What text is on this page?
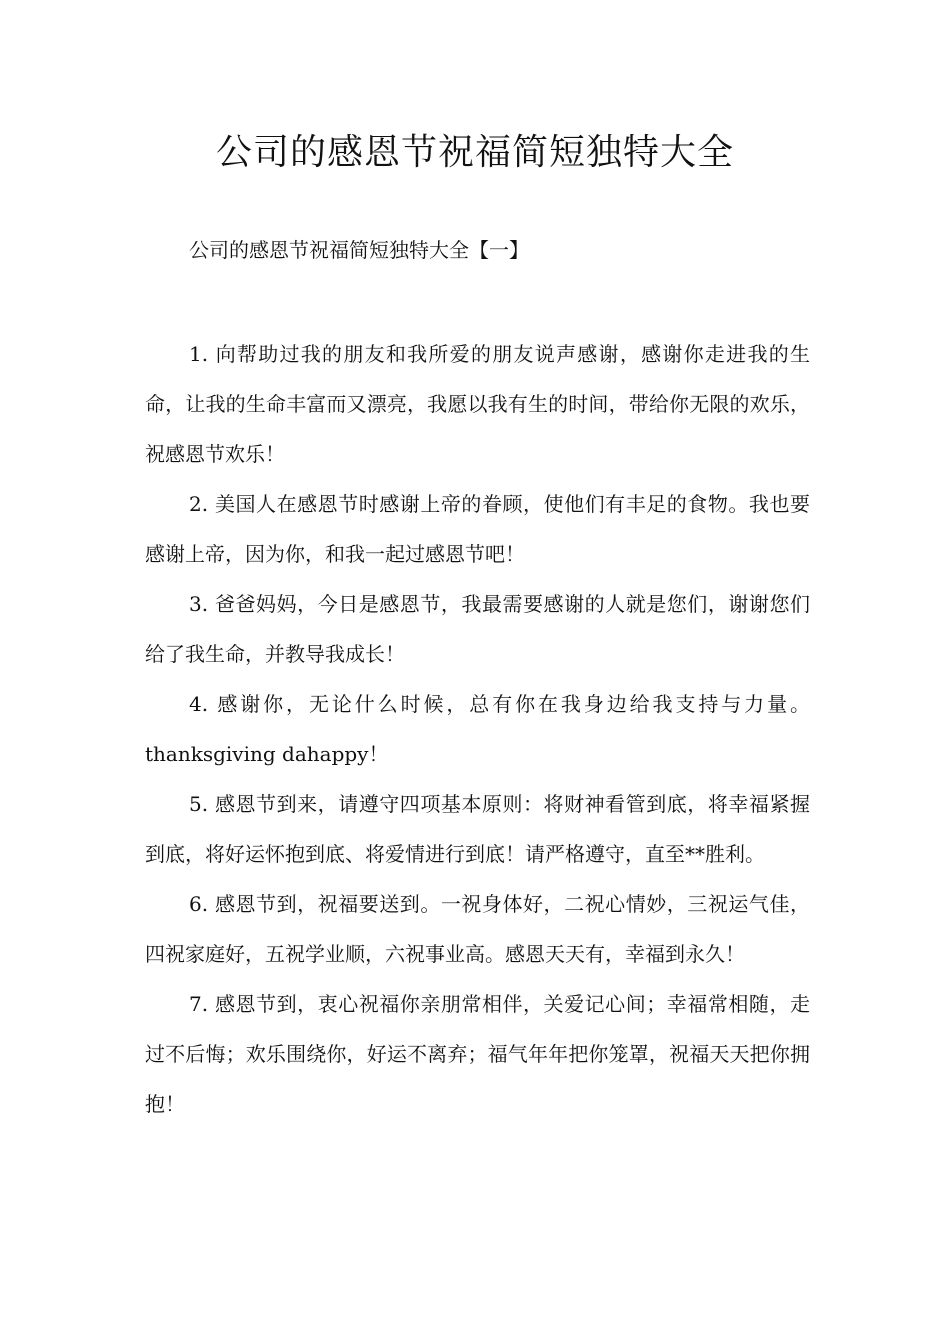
公司的感恩节祝福简短独特大全

公司的感恩节祝福简短独特大全【一】

1. 向帮助过我的朋友和我所爱的朋友说声感谢，感谢你走进我的生命，让我的生命丰富而又漂亮，我愿以我有生的时间，带给你无限的欢乐，祝感恩节欢乐！

2. 美国人在感恩节时感谢上帝的眷顾，使他们有丰足的食物。我也要感谢上帝，因为你，和我一起过感恩节吧！

3. 爸爸妈妈，今日是感恩节，我最需要感谢的人就是您们，谢谢您们给了我生命，并教导我成长！

4. 感谢你，无论什么时候，总有你在我身边给我支持与力量。thanksgiving dahappy！

5. 感恩节到来，请遵守四项基本原则：将财神看管到底，将幸福紧握到底，将好运怀抱到底、将爱情进行到底！请严格遵守，直至**胜利。

6. 感恩节到，祝福要送到。一祝身体好，二祝心情妙，三祝运气佳，四祝家庭好，五祝学业顺，六祝事业高。感恩天天有，幸福到永久！

7. 感恩节到，衷心祝福你亲朋常相伴，关爱记心间；幸福常相随，走过不后悔；欢乐围绕你，好运不离弃；福气年年把你笼罩，祝福天天把你拥抱！
